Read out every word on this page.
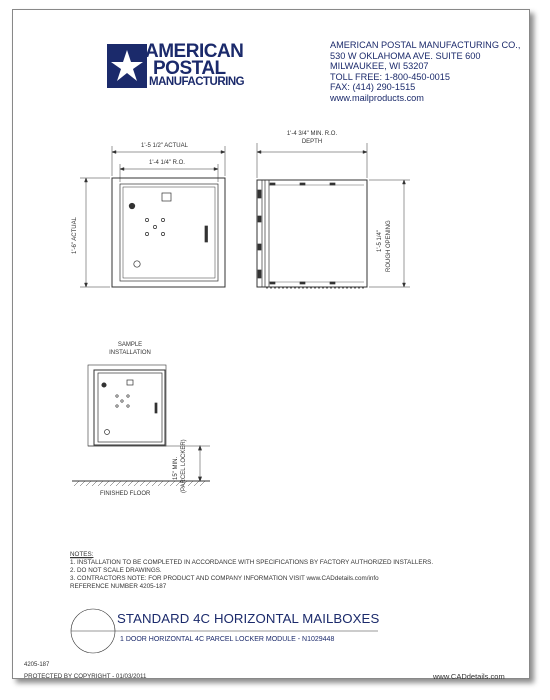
AMERICAN
POSTAL
MANUFACTURING
AMERICAN POSTAL MANUFACTURING CO.,
530 W OKLAHOMA AVE. SUITE 600
MILWAUKEE, WI 53207
TOLL FREE: 1-800-450-0015
FAX: (414) 290-1515
www.mailproducts.com
1'-5 1/2" ACTUAL
1'-4 1/4" R.O.
1'-6" ACTUAL
1'-4 3/4" MIN. R.O.
DEPTH
1'-5 1/4" ROUGH OPENING
SAMPLE
INSTALLATION
15" MIN. (PARCEL LOCKER)
FINISHED FLOOR
NOTES:
1. INSTALLATION TO BE COMPLETED IN ACCORDANCE WITH SPECIFICATIONS BY FACTORY AUTHORIZED INSTALLERS.
2. DO NOT SCALE DRAWINGS.
3. CONTRACTORS NOTE: FOR PRODUCT AND COMPANY INFORMATION VISIT www.CADdetails.com/info
REFERENCE NUMBER 4205-187
STANDARD 4C HORIZONTAL MAILBOXES
1 DOOR HORIZONTAL 4C PARCEL LOCKER MODULE - N1029448
4205-187
PROTECTED BY COPYRIGHT - 01/03/2011	www.CADdetails.com
